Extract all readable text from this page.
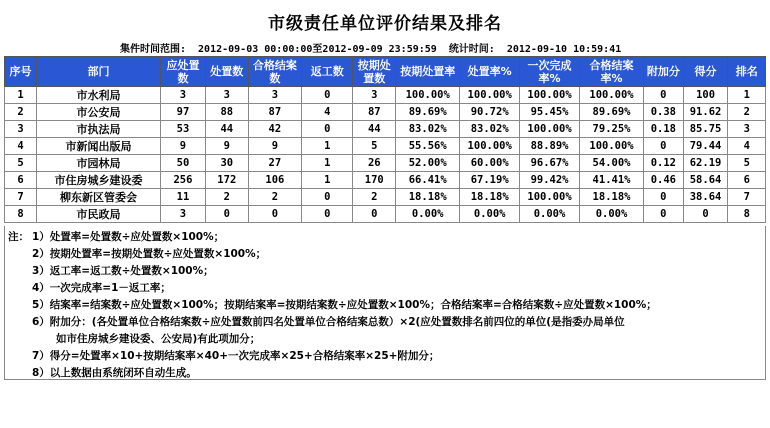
市级责任单位评价结果及排名
集件时间范围: 2012-09-03 00:00:00至2012-09-09 23:59:59 统计时间: 2012-09-10 10:59:41
序号	部门	应处置数	处置数	合格结案数	返工数	按期处置数	按期处置率	处置率%	一次完成率%	合格结案率%	附加分	得分	排名
1	市水利局	3	3	3	0	3	100.00%	100.00%	100.00%	100.00%	0	100	1
2	市公安局	97	88	87	4	87	89.69%	90.72%	95.45%	89.69%	0.38	91.62	2
3	市执法局	53	44	42	0	44	83.02%	83.02%	100.00%	79.25%	0.18	85.75	3
4	市新闻出版局	9	9	9	1	5	55.56%	100.00%	88.89%	100.00%	0	79.44	4
5	市园林局	50	30	27	1	26	52.00%	60.00%	96.67%	54.00%	0.12	62.19	5
6	市住房城乡建设委	256	172	106	1	170	66.41%	67.19%	99.42%	41.41%	0.46	58.64	6
7	柳东新区管委会	11	2	2	0	2	18.18%	18.18%	100.00%	18.18%	0	38.64	7
8	市民政局	3	0	0	0	0	0.00%	0.00%	0.00%	0.00%	0	0	8
注： 1）处置率=处置数÷应处置数×100%；
2）按期处置率=按期处置数÷应处置数×100%；
3）返工率=返工数÷处置数×100%；
4）一次完成率=1－返工率；
5）结案率=结案数÷应处置数×100%；按期结案率=按期结案数÷应处置数×100%；合格结案率=合格结案数÷应处置数×100%；
6）附加分：(各处置单位合格结案数÷应处置数前四名处置单位合格结案总数）×2(应处置数排名前四位的单位(是指委办局单位
如市住房城乡建设委、公安局)有此项加分；
7）得分=处置率×10+按期结案率×40+一次完成率×25+合格结案率×25+附加分；
8）以上数据由系统闭环自动生成。
